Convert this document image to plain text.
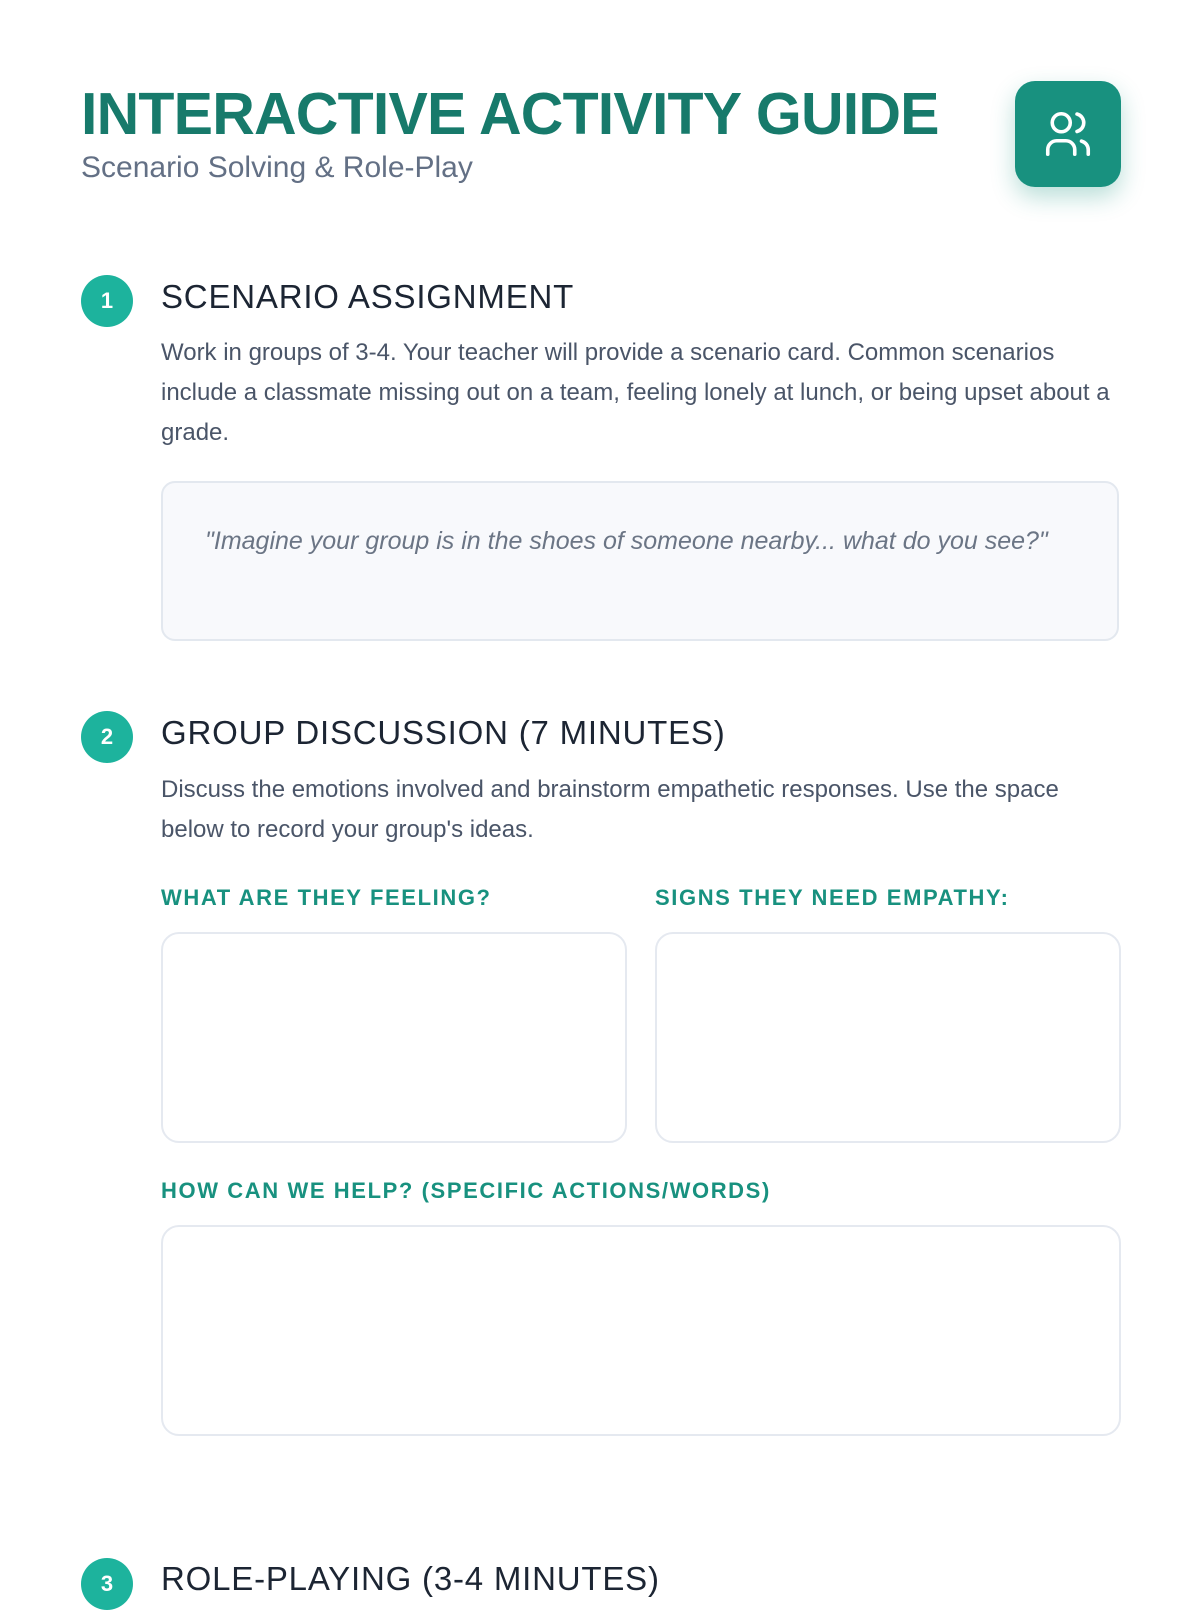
INTERACTIVE ACTIVITY GUIDE
Scenario Solving & Role-Play
1	SCENARIO ASSIGNMENT

Work in groups of 3-4. Your teacher will provide a scenario card. Common scenarios include a classmate missing out on a team, feeling lonely at lunch, or being upset about a grade.

"Imagine your group is in the shoes of someone nearby... what do you see?"

2	GROUP DISCUSSION (7 MINUTES)

Discuss the emotions involved and brainstorm empathetic responses. Use the space below to record your group's ideas.

WHAT ARE THEY FEELING?	SIGNS THEY NEED EMPATHY:
HOW CAN WE HELP? (SPECIFIC ACTIONS/WORDS)
3	ROLE-PLAYING (3-4 MINUTES)
